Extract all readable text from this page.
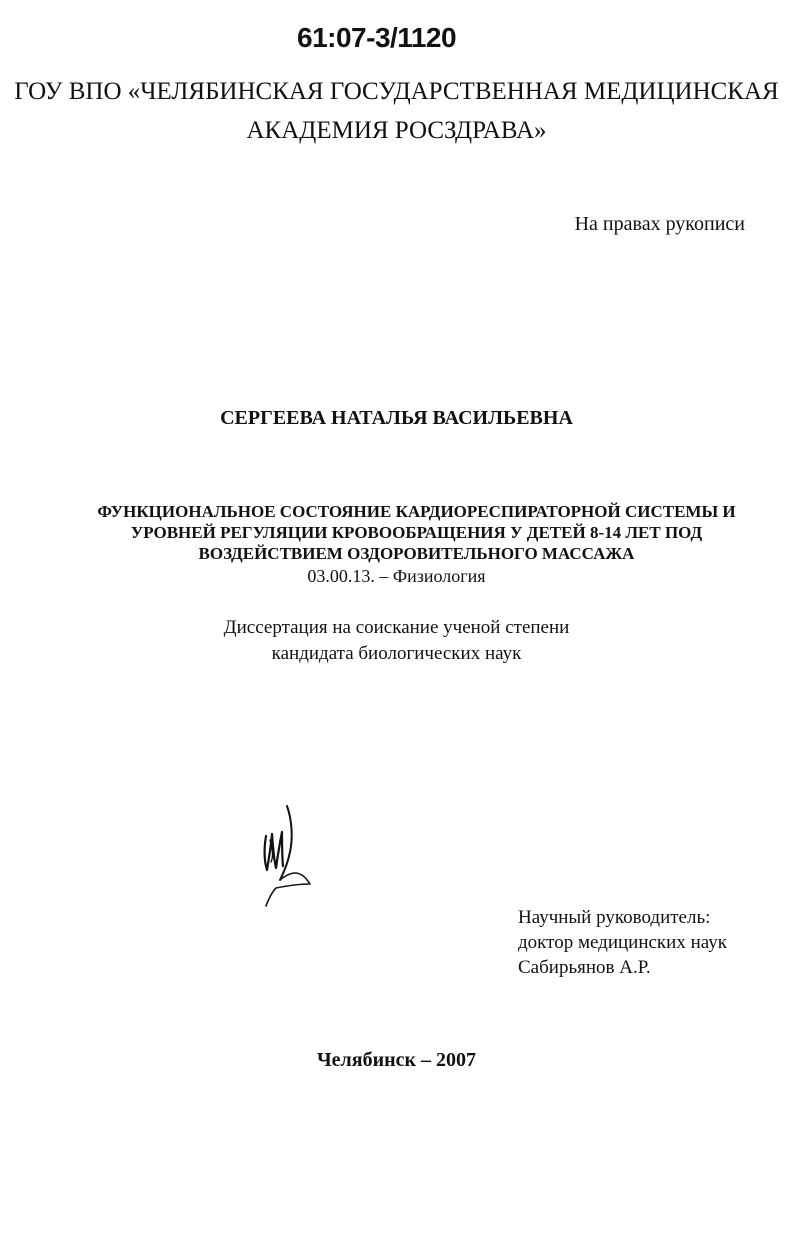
61:07-3/1120
ГОУ ВПО «ЧЕЛЯБИНСКАЯ ГОСУДАРСТВЕННАЯ МЕДИЦИНСКАЯ
АКАДЕМИЯ РОСЗДРАВА»
На правах рукописи
СЕРГЕЕВА НАТАЛЬЯ ВАСИЛЬЕВНА
ФУНКЦИОНАЛЬНОЕ СОСТОЯНИЕ КАРДИОРЕСПИРАТОРНОЙ СИСТЕМЫ И
УРОВНЕЙ РЕГУЛЯЦИИ КРОВООБРАЩЕНИЯ У ДЕТЕЙ 8-14 ЛЕТ ПОД
ВОЗДЕЙСТВИЕМ ОЗДОРОВИТЕЛЬНОГО МАССАЖА
03.00.13. – Физиология
Диссертация на соискание ученой степени
кандидата биологических наук
Научный руководитель:
доктор медицинских наук
Сабирьянов А.Р.
Челябинск – 2007
